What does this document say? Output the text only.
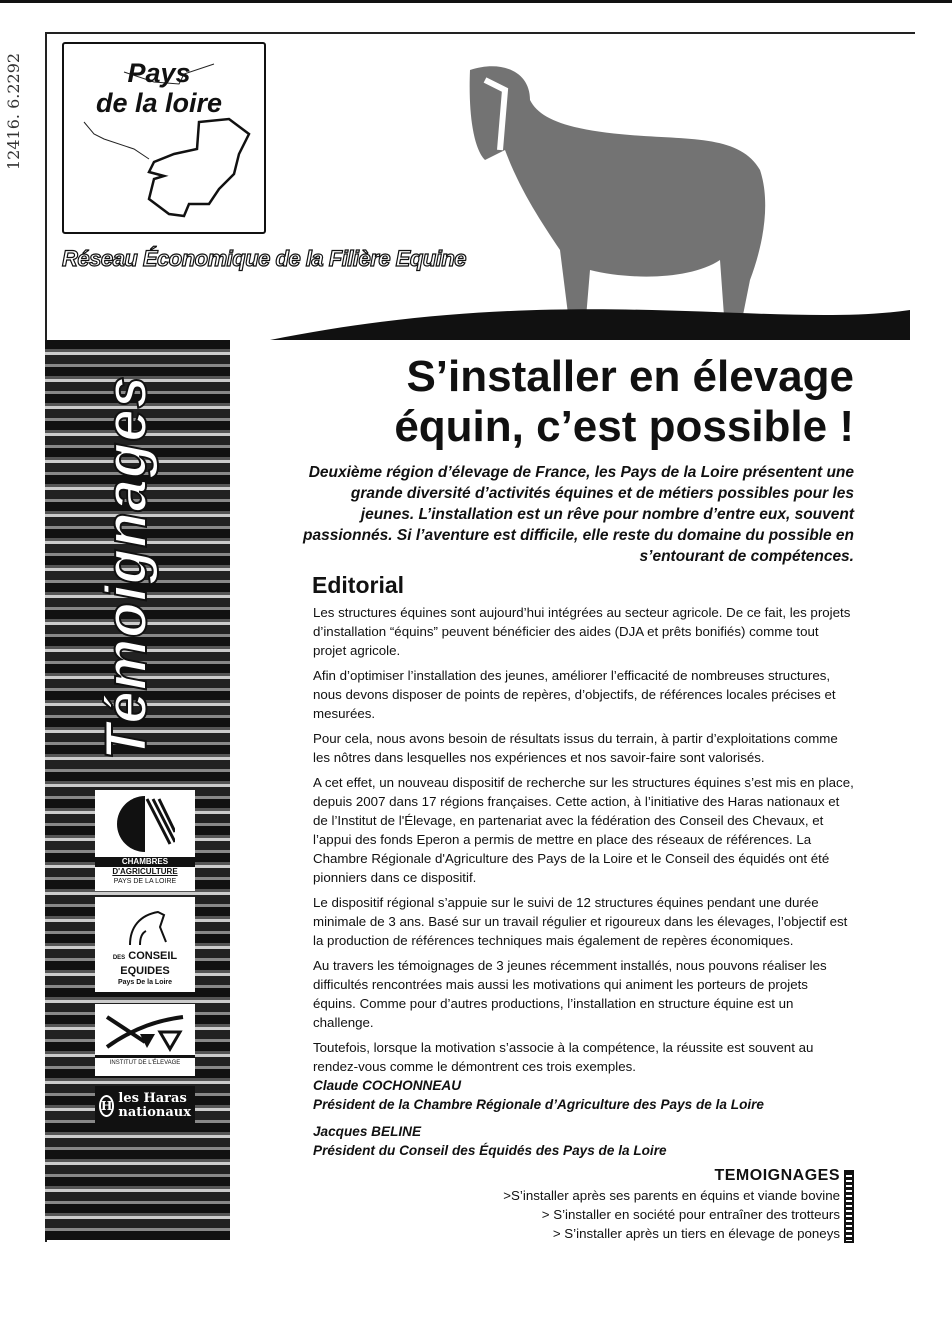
12416. 6.2292	Pays
de la loire
Réseau Économique de la Filière Equine
Témoignages
CHAMBRES
D'AGRICULTURE
PAYS DE LA LOIRE
DES CONSEIL
EQUIDES
Pays De la Loire
INSTITUT DE L'ÉLEVAGE
H les Haras
nationaux
S’installer en élevage
équin, c’est possible !
Deuxième région d’élevage de France, les Pays de la Loire présentent une grande diversité d’activités équines et de métiers possibles pour les jeunes. L’installation est un rêve pour nombre d’entre eux, souvent passionnés. Si l’aventure est difficile, elle reste du domaine du possible en s’entourant de compétences.
Editorial

Les structures équines sont aujourd’hui intégrées au secteur agricole. De ce fait, les projets d’installation “équins” peuvent bénéficier des aides (DJA et prêts bonifiés) comme tout projet agricole.

Afin d’optimiser l’installation des jeunes, améliorer l’efficacité de nombreuses structures, nous devons disposer de points de repères, d’objectifs, de références locales précises et mesurées.

Pour cela, nous avons besoin de résultats issus du terrain, à partir d’exploitations comme les nôtres dans lesquelles nos expériences et nos savoir-faire sont valorisés.

A cet effet, un nouveau dispositif de recherche sur les structures équines s’est mis en place, depuis 2007 dans 17 régions françaises. Cette action, à l’initiative des Haras nationaux et de l’Institut de l'Élevage, en partenariat avec la fédération des Conseil des Chevaux, et l’appui des fonds Eperon a permis de mettre en place des réseaux de références. La Chambre Régionale d'Agriculture des Pays de la Loire et le Conseil des équidés ont été pionniers dans ce dispositif.

Le dispositif régional s’appuie sur le suivi de 12 structures équines pendant une durée minimale de 3 ans. Basé sur un travail régulier et rigoureux dans les élevages, l’objectif est la production de références techniques mais également de repères économiques.

Au travers les témoignages de 3 jeunes récemment installés, nous pouvons réaliser les difficultés rencontrées mais aussi les motivations qui animent les porteurs de projets équins. Comme pour d’autres productions, l’installation en structure équine est un challenge.

Toutefois, lorsque la motivation s’associe à la compétence, la réussite est souvent au rendez-vous comme le démontrent ces trois exemples.

Claude COCHONNEAU
Président de la Chambre Régionale d’Agriculture des Pays de la Loire
Jacques BELINE
Président du Conseil des Équidés des Pays de la Loire
TEMOIGNAGES
>S’installer après ses parents en équins et viande bovine
> S’installer en société pour entraîner des trotteurs
> S’installer après un tiers en élevage de poneys
